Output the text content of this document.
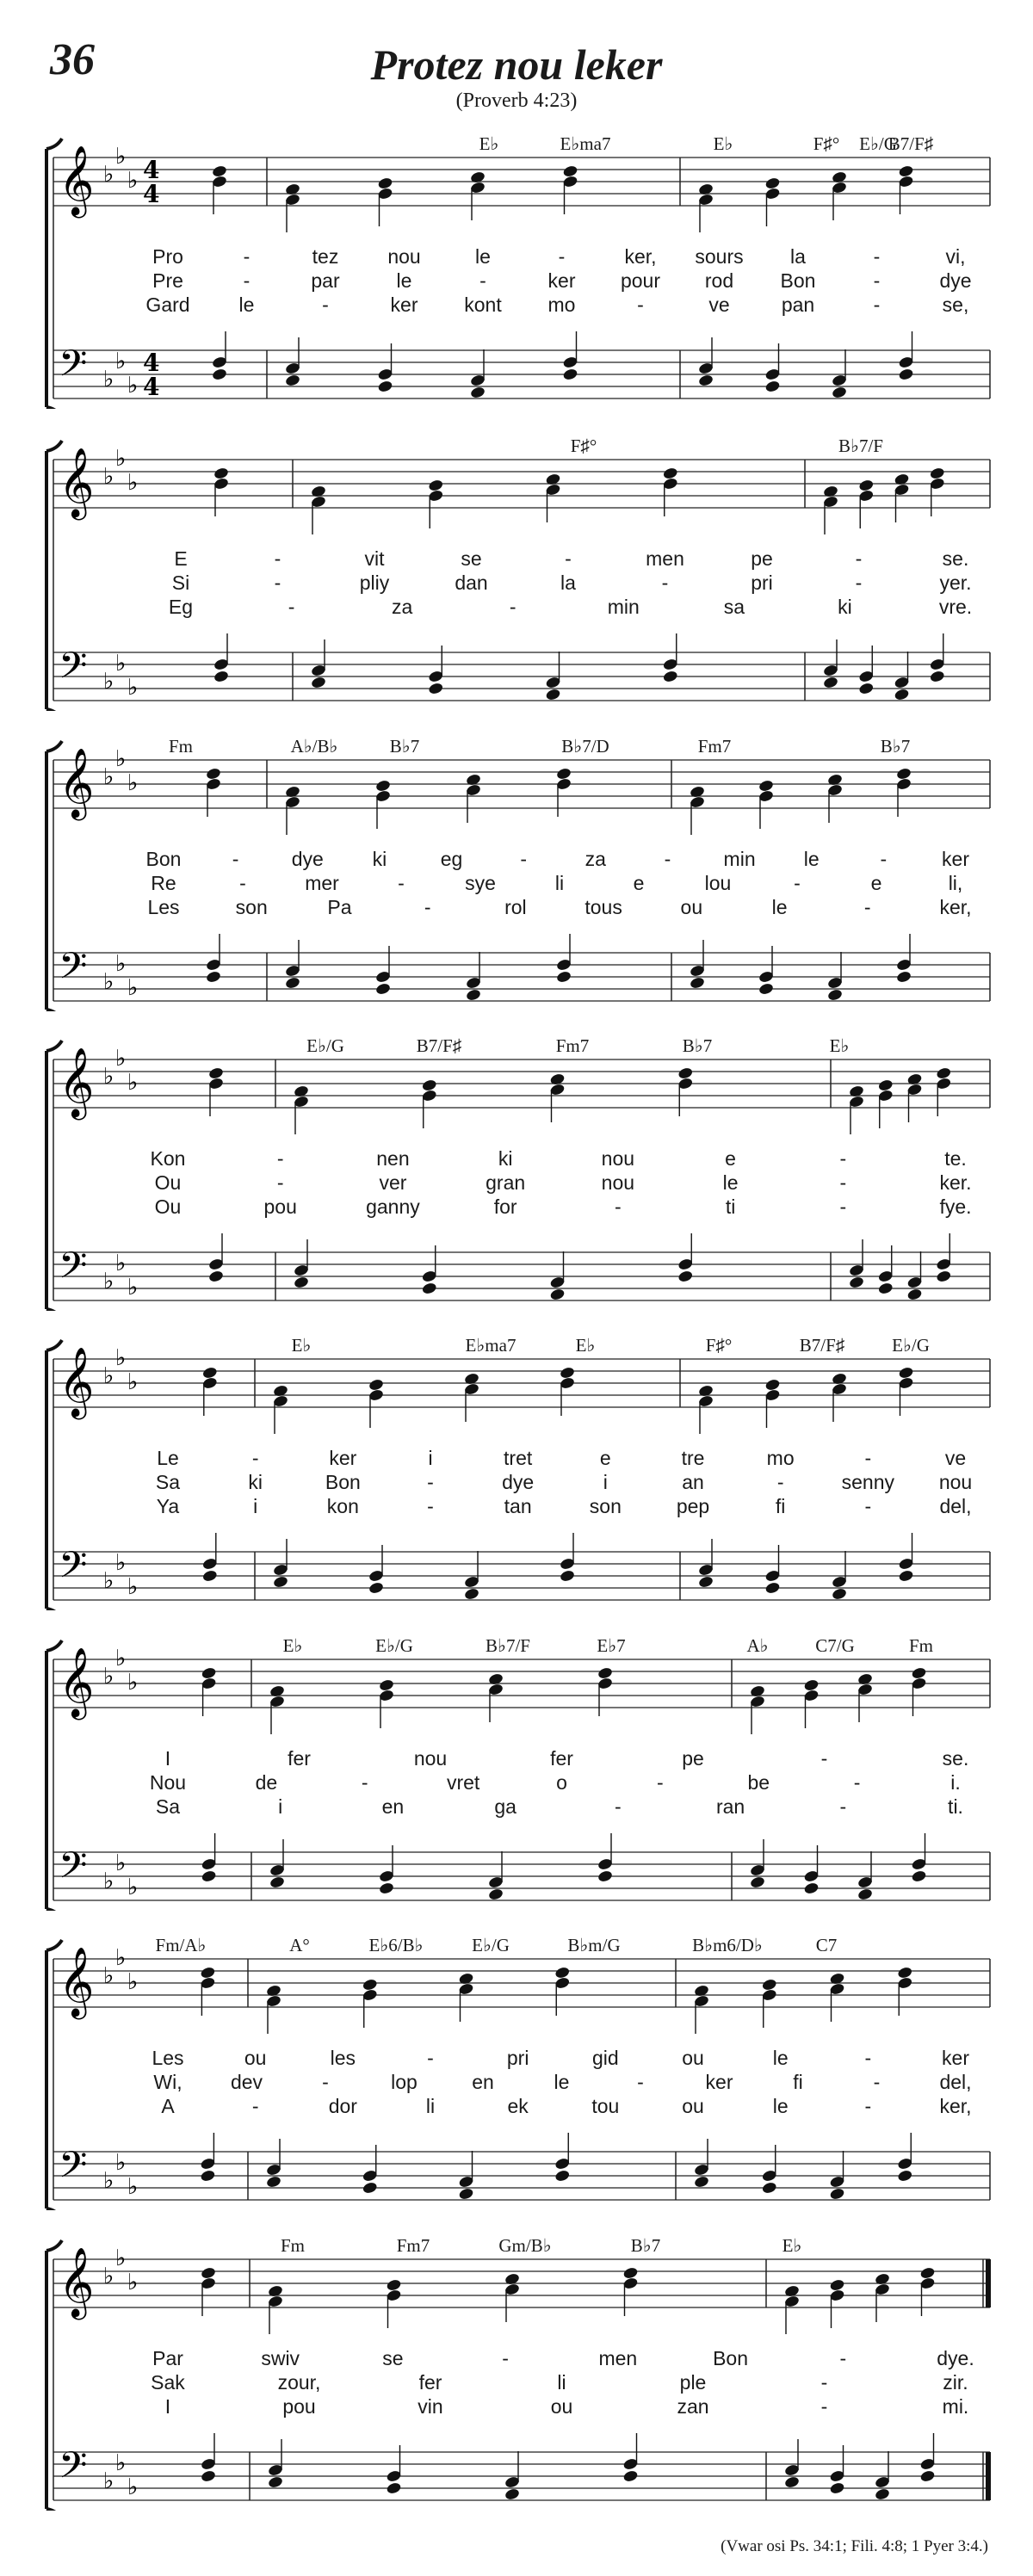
36	Protez nou leker
(Proverb 4:23)
𝄞
𝄢
♭
♭
♭
♭
♭
♭
4
4
4
4
E♭	E♭ma7	E♭	F♯°	B7/F♯
E♭/G
Pro	-	tez nou	le	-	ker, sours la	-	vi,
Pre	-	par	le	-	ker pour rod Bon	-	dye
Gard le	-	ker kont mo	-	ve	pan	-	se,
𝄞
𝄢
♭
♭
♭
♭
♭
♭
F♯°	B♭7/F
E	-	vit	se	-	men	pe	-	se.
Si	-	pliy	dan	la	-	pri	-	yer.
Eg	-	za	-	min	sa	ki	vre.
𝄞
𝄢
♭
♭
♭
♭
♭
♭
Fm	A♭/B♭	B♭7	B♭7/D	Fm7	B♭7
Bon	-	dye ki	eg	-	za	-	min le	-	ker
Re	-	mer	-	sye	li	e	lou	-	e	li,
Les	son	Pa	-	rol	tous	ou	le	-	ker,
𝄞
𝄢
♭
♭
♭
♭
♭
♭
E♭/G	B7/F♯	Fm7	B♭7	E♭
Kon	-	nen	ki	nou	e	-	te.
Ou	-	ver	gran	nou	le	-	ker.
Ou	pou	ganny	for	-	ti	-	fye.
𝄞
𝄢
♭
♭
♭
♭
♭
♭
E♭	E♭ma7	E♭	F♯°	B7/F♯	E♭/G
Le	-	ker	i	tret	e	tre	mo	-	ve
Sa	ki	Bon	-	dye	i	an	-	senny nou
Ya	i	kon	-	tan	son	pep	fi	-	del,
𝄞
𝄢
♭
♭
♭
♭
♭
♭
E♭	E♭/G	B♭7/F	E♭7	A♭	C7/G	Fm
I	fer	nou	fer	pe	-	se.
Nou	de	-	vret	o	-	be	-	i.
Sa	i	en	ga	-	ran	-	ti.
𝄞
𝄢
♭
♭
♭
♭
♭
♭
Fm/A♭	A°	E♭6/B♭	E♭/G	B♭m/G	B♭m6/D♭	C7
Les	ou	les	-	pri	gid	ou	le	-	ker
Wi, dev	-	lop	en	le	-	ker	fi	-	del,
A	-	dor	li	ek	tou	ou	le	-	ker,
𝄞
𝄢
♭
♭
♭
♭
♭
♭
Fm	Fm7	Gm/B♭	B♭7	E♭
Par	swiv	se	-	men	Bon	-	dye.
Sak	zour,	fer	li	ple	-	zir.
I	pou	vin	ou	zan	-	mi.
(Vwar osi Ps. 34:1; Fili. 4:8; 1 Pyer 3:4.)
